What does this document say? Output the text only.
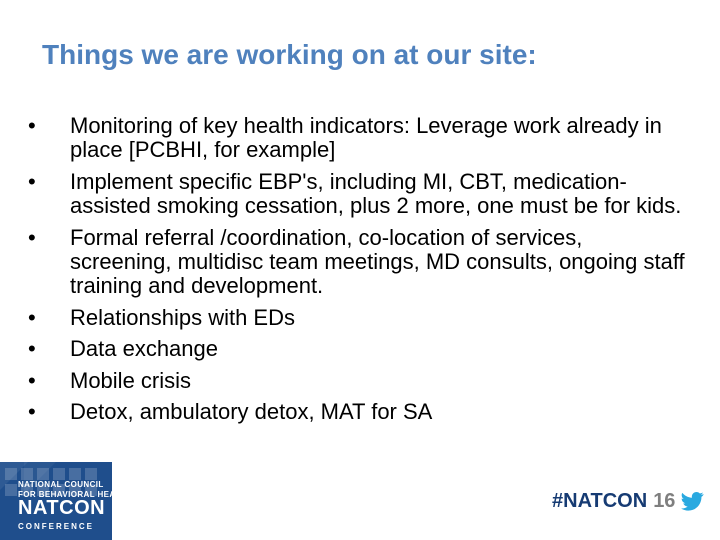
Things we are working on at our site:
•	Monitoring of key health indicators: Leverage work already in place [PCBHI, for example]
•	Implement specific EBP's, including MI, CBT, medication-assisted smoking cessation, plus 2 more, one must be for kids.
•	Formal referral /coordination, co-location of services, screening, multidisc team meetings, MD consults, ongoing staff training and development.
•	Relationships with EDs
•	Data exchange
•	Mobile crisis
•	Detox, ambulatory detox, MAT for SA
NATIONAL COUNCIL
FOR BEHAVIORAL HEALTH
NATCON
CONFERENCE
#NATCON 16
